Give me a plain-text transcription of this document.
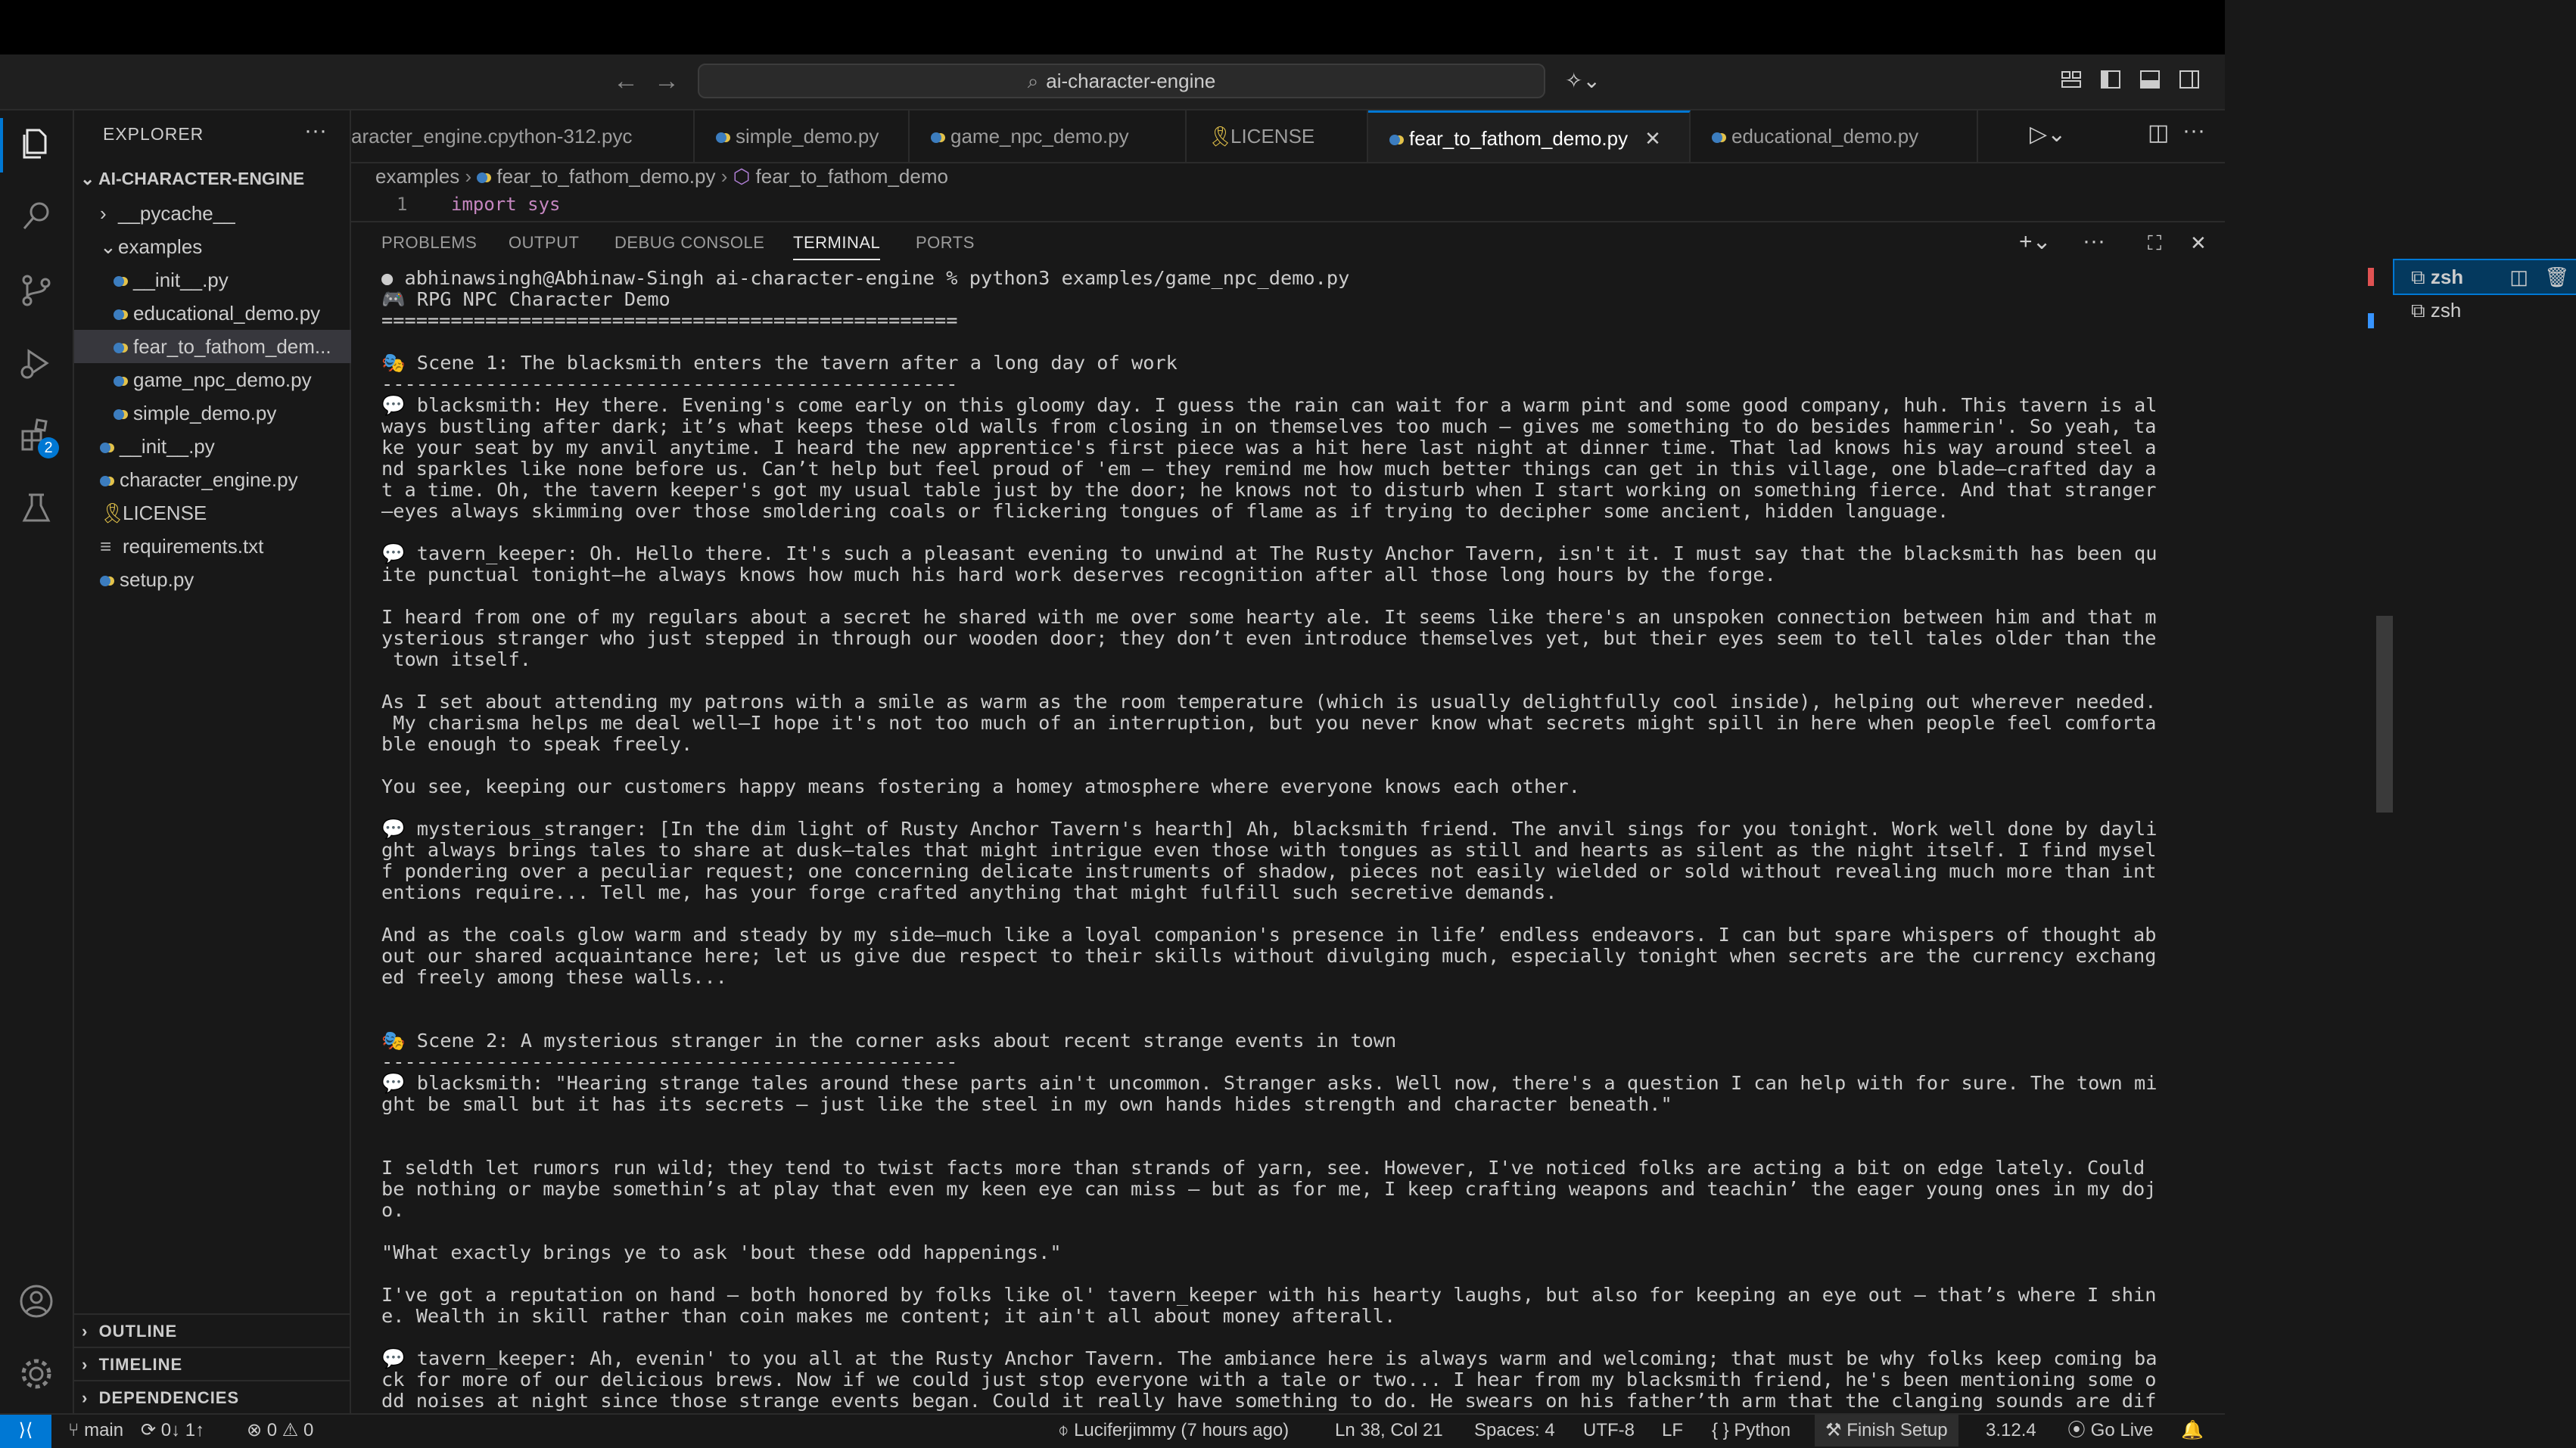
← →	⌕ ai-character-engine	✧⌄
2
EXPLORER	···
⌄ AI-CHARACTER-ENGINE
› OUTLINE
› TIMELINE
› DEPENDENCIES
› __pycache__
⌄examples
__init__.py
educational_demo.py
fear_to_fathom_dem...
game_npc_demo.py
simple_demo.py
__init__.py
character_engine.py
🎗LICENSE
≡ requirements.txt
setup.py
aracter_engine.cpython-312.pyc	simple_demo.py	game_npc_demo.py	🎗LICENSE	fear_to_fathom_demo.py ✕	educational_demo.py	▷⌄	◫ ···
examples › fear_to_fathom_demo.py › ⬡ fear_to_fathom_demo
1 import sys
PROBLEMS OUTPUT DEBUG CONSOLE TERMINAL PORTS	+⌄ ··· ⛶ ✕
● abhinawsingh@Abhinaw-Singh ai-character-engine % python3 examples/game_npc_demo.py
🎮 RPG NPC Character Demo
==================================================
🎭 Scene 1: The blacksmith enters the tavern after a long day of work
--------------------------------------------------
💬 blacksmith: Hey there. Evening's come early on this gloomy day. I guess the rain can wait for a warm pint and some good company, huh. This tavern is al
ways bustling after dark; it’s what keeps these old walls from closing in on themselves too much — gives me something to do besides hammerin'. So yeah, ta
ke your seat by my anvil anytime. I heard the new apprentice's first piece was a hit here last night at dinner time. That lad knows his way around steel a
nd sparkles like none before us. Can’t help but feel proud of 'em — they remind me how much better things can get in this village, one blade—crafted day a
t a time. Oh, the tavern keeper's got my usual table just by the door; he knows not to disturb when I start working on something fierce. And that stranger
—eyes always skimming over those smoldering coals or flickering tongues of flame as if trying to decipher some ancient, hidden language.
💬 tavern_keeper: Oh. Hello there. It's such a pleasant evening to unwind at The Rusty Anchor Tavern, isn't it. I must say that the blacksmith has been qu
ite punctual tonight—he always knows how much his hard work deserves recognition after all those long hours by the forge.
I heard from one of my regulars about a secret he shared with me over some hearty ale. It seems like there's an unspoken connection between him and that m
ysterious stranger who just stepped in through our wooden door; they don’t even introduce themselves yet, but their eyes seem to tell tales older than the
town itself.
As I set about attending my patrons with a smile as warm as the room temperature (which is usually delightfully cool inside), helping out wherever needed.
My charisma helps me deal well—I hope it's not too much of an interruption, but you never know what secrets might spill in here when people feel comforta
ble enough to speak freely.
You see, keeping our customers happy means fostering a homey atmosphere where everyone knows each other.
💬 mysterious_stranger: [In the dim light of Rusty Anchor Tavern's hearth] Ah, blacksmith friend. The anvil sings for you tonight. Work well done by dayli
ght always brings tales to share at dusk—tales that might intrigue even those with tongues as still and hearts as silent as the night itself. I find mysel
f pondering over a peculiar request; one concerning delicate instruments of shadow, pieces not easily wielded or sold without revealing much more than int
entions require... Tell me, has your forge crafted anything that might fulfill such secretive demands.
And as the coals glow warm and steady by my side—much like a loyal companion's presence in life’ endless endeavors. I can but spare whispers of thought ab
out our shared acquaintance here; let us give due respect to their skills without divulging much, especially tonight when secrets are the currency exchang
ed freely among these walls...
🎭 Scene 2: A mysterious stranger in the corner asks about recent strange events in town
--------------------------------------------------
💬 blacksmith: "Hearing strange tales around these parts ain't uncommon. Stranger asks. Well now, there's a question I can help with for sure. The town mi
ght be small but it has its secrets — just like the steel in my own hands hides strength and character beneath."
I seldth let rumors run wild; they tend to twist facts more than strands of yarn, see. However, I've noticed folks are acting a bit on edge lately. Could
be nothing or maybe somethin’s at play that even my keen eye can miss — but as for me, I keep crafting weapons and teachin’ the eager young ones in my doj
o.
"What exactly brings ye to ask 'bout these odd happenings."
I've got a reputation on hand — both honored by folks like ol' tavern_keeper with his hearty laughs, but also for keeping an eye out — that’s where I shin
e. Wealth in skill rather than coin makes me content; it ain't all about money afterall.
💬 tavern_keeper: Ah, evenin' to you all at the Rusty Anchor Tavern. The ambiance here is always warm and welcoming; that must be why folks keep coming ba
ck for more of our delicious brews. Now if we could just stop everyone with a tale or two... I hear from my blacksmith friend, he's been mentioning some o
dd noises at night since those strange events began. Could it really have something to do. He swears on his father’th arm that the clanging sounds are dif
⧉ zsh ◫ 🗑
⧉ zsh
⟩⟨	⑂ main ⟳ 0↓ 1↑ ⊗ 0 ⚠ 0	⌽ Luciferjimmy (7 hours ago)	Ln 38, Col 21 Spaces: 4 UTF-8 LF { } Python	⚒ Finish Setup	3.12.4 ⦿ Go Live 🔔
